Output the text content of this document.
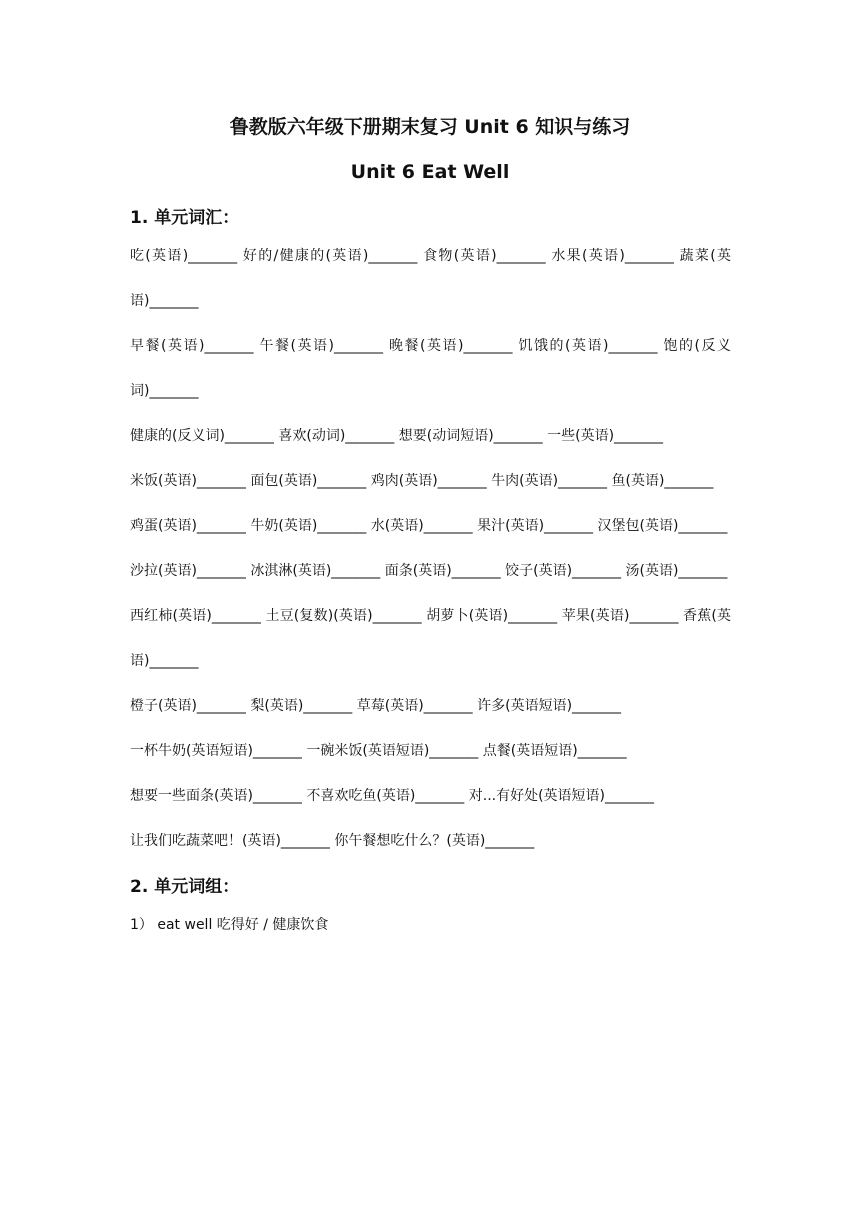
鲁教版六年级下册期末复习 Unit 6 知识与练习
Unit 6 Eat Well
1. 单元词汇：

吃(英语)_______ 好的/健康的(英语)_______ 食物(英语)_______ 水果(英语)_______ 蔬菜(英语)_______

早餐(英语)_______ 午餐(英语)_______ 晚餐(英语)_______ 饥饿的(英语)_______ 饱的(反义词)_______

健康的(反义词)_______ 喜欢(动词)_______ 想要(动词短语)_______ 一些(英语)_______

米饭(英语)_______ 面包(英语)_______ 鸡肉(英语)_______ 牛肉(英语)_______ 鱼(英语)_______

鸡蛋(英语)_______ 牛奶(英语)_______ 水(英语)_______ 果汁(英语)_______ 汉堡包(英语)_______

沙拉(英语)_______ 冰淇淋(英语)_______ 面条(英语)_______ 饺子(英语)_______ 汤(英语)_______

西红柿(英语)_______ 土豆(复数)(英语)_______ 胡萝卜(英语)_______ 苹果(英语)_______ 香蕉(英语)_______

橙子(英语)_______ 梨(英语)_______ 草莓(英语)_______ 许多(英语短语)_______

一杯牛奶(英语短语)_______ 一碗米饭(英语短语)_______ 点餐(英语短语)_______

想要一些面条(英语)_______ 不喜欢吃鱼(英语)_______ 对...有好处(英语短语)_______

让我们吃蔬菜吧！(英语)_______ 你午餐想吃什么？(英语)_______

2. 单元词组：

1） eat well 吃得好 / 健康饮食
